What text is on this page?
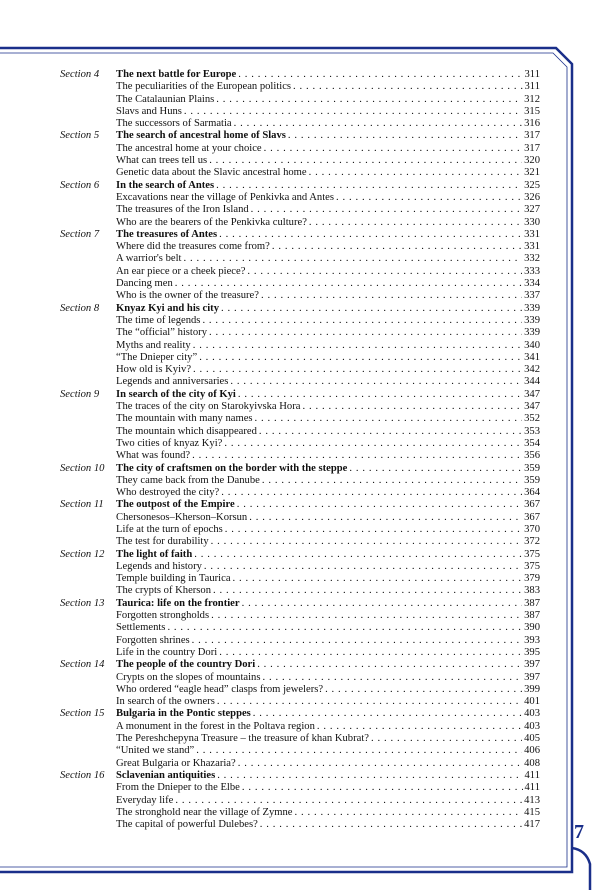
Section 4	The next battle for Europe . . .	311
The peculiarities of the European politics . . .	311
The Catalaunian Plains . . .	312
Slavs and Huns . . .	315
The successors of Sarmatia . . .	316
Section 5	The search of ancestral home of Slavs . . .	317
The ancestral home at your choice . . .	317
What can trees tell us . . .	320
Genetic data about the Slavic ancestral home . . .	321
Section 6	In the search of Antes . . .	325
Excavations near the village of Penkivka and Antes . . .	326
The treasures of the Iron Island . . .	327
Who are the bearers of the Penkivka culture? . . .	330
Section 7	The treasures of Antes . . .	331
Where did the treasures come from? . . .	331
A warrior's belt . . .	332
An ear piece or a cheek piece? . . .	333
Dancing men . . .	334
Who is the owner of the treasure? . . .	337
Section 8	Knyaz Kyi and his city . . .	339
The time of legends . . .	339
The “official” history . . .	339
Myths and reality . . .	340
“The Dnieper city” . . .	341
How old is Kyiv? . . .	342
Legends and anniversaries . . .	344
Section 9	In search of the city of Kyi . . .	347
The traces of the city on Starokyivska Hora . . .	347
The mountain with many names . . .	352
The mountain which disappeared . . .	353
Two cities of knyaz Kyi? . . .	354
What was found? . . .	356
Section 10	The city of craftsmen on the border with the steppe . . .	359
They came back from the Danube . . .	359
Who destroyed the city? . . .	364
Section 11	The outpost of the Empire . . .	367
Chersonesos–Kherson–Korsun . . .	367
Life at the turn of epochs . . .	370
The test for durability . . .	372
Section 12	The light of faith . . .	375
Legends and history . . .	375
Temple building in Taurica . . .	379
The crypts of Kherson . . .	383
Section 13	Taurica: life on the frontier . . .	387
Forgotten strongholds . . .	387
Settlements . . .	390
Forgotten shrines . . .	393
Life in the country Dori . . .	395
Section 14	The people of the country Dori . . .	397
Crypts on the slopes of mountains . . .	397
Who ordered “eagle head” clasps from jewelers? . . .	399
In search of the owners . . .	401
Section 15	Bulgaria in the Pontic steppes . . .	403
A monument in the forest in the Poltava region . . .	403
The Pereshchepyna Treasure – the treasure of khan Kubrat? . . .	405
“United we stand” . . .	406
Great Bulgaria or Khazaria? . . .	408
Section 16	Sclavenian antiquities . . .	411
From the Dnieper to the Elbe . . .	411
Everyday life . . .	413
The stronghold near the village of Zymne . . .	415
The capital of powerful Dulebes? . . .	417 7
